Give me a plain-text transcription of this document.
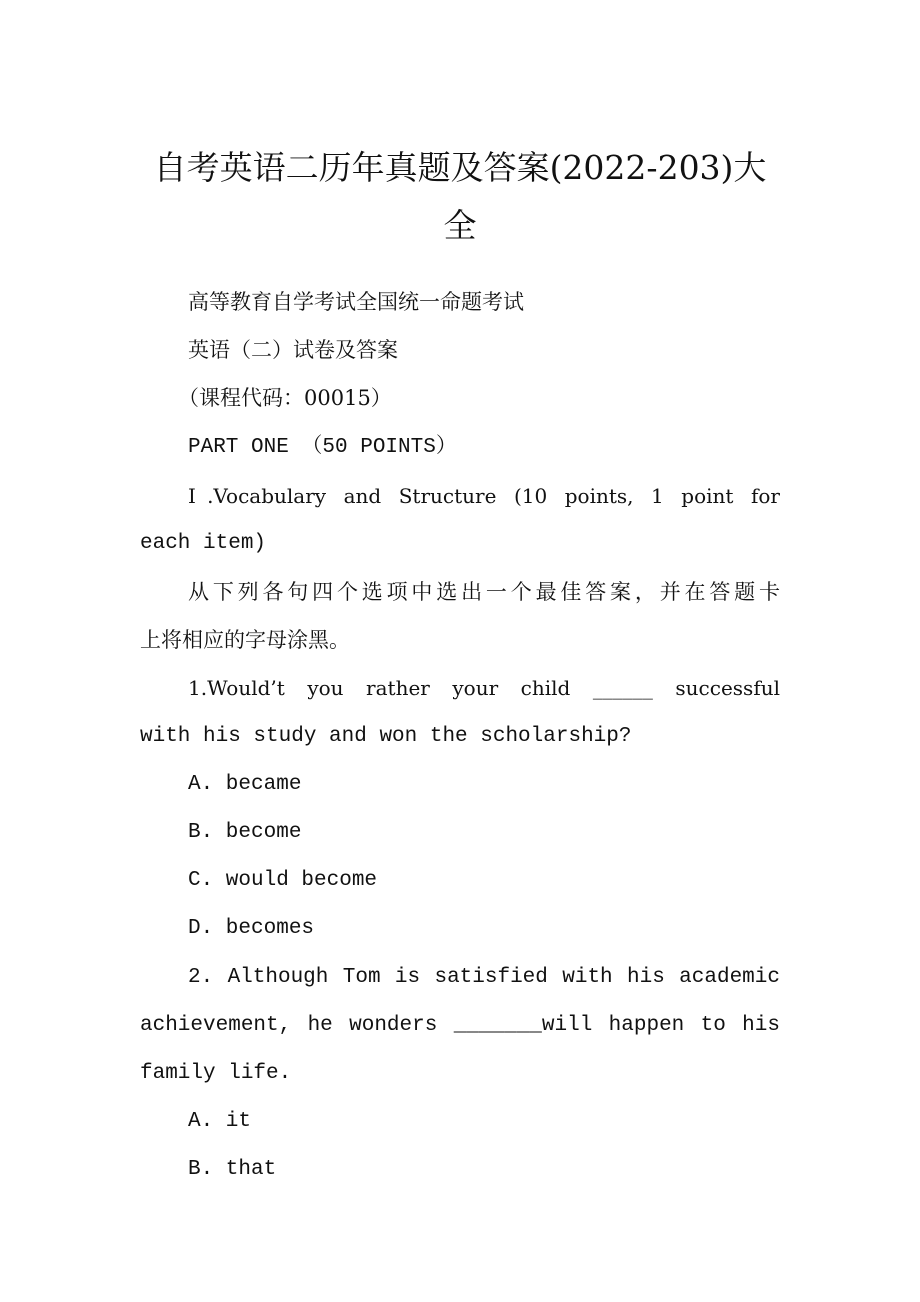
自考英语二历年真题及答案(2022-203)大
全
高等教育自学考试全国统一命题考试
英语（二）试卷及答案
（课程代码：00015）
PART ONE （50 POINTS）
Ⅰ.Vocabulary and Structure (10 points, 1 point for
each item)
从下列各句四个选项中选出一个最佳答案，并在答题卡
上将相应的字母涂黑。
1.Would’t you rather your child ______ successful
with his study and won the scholarship?
A. became
B. become
C. would become
D. becomes
2. Although Tom is satisfied with his academic
achievement, he wonders _______will happen to his
family life.
A. it
B. that
